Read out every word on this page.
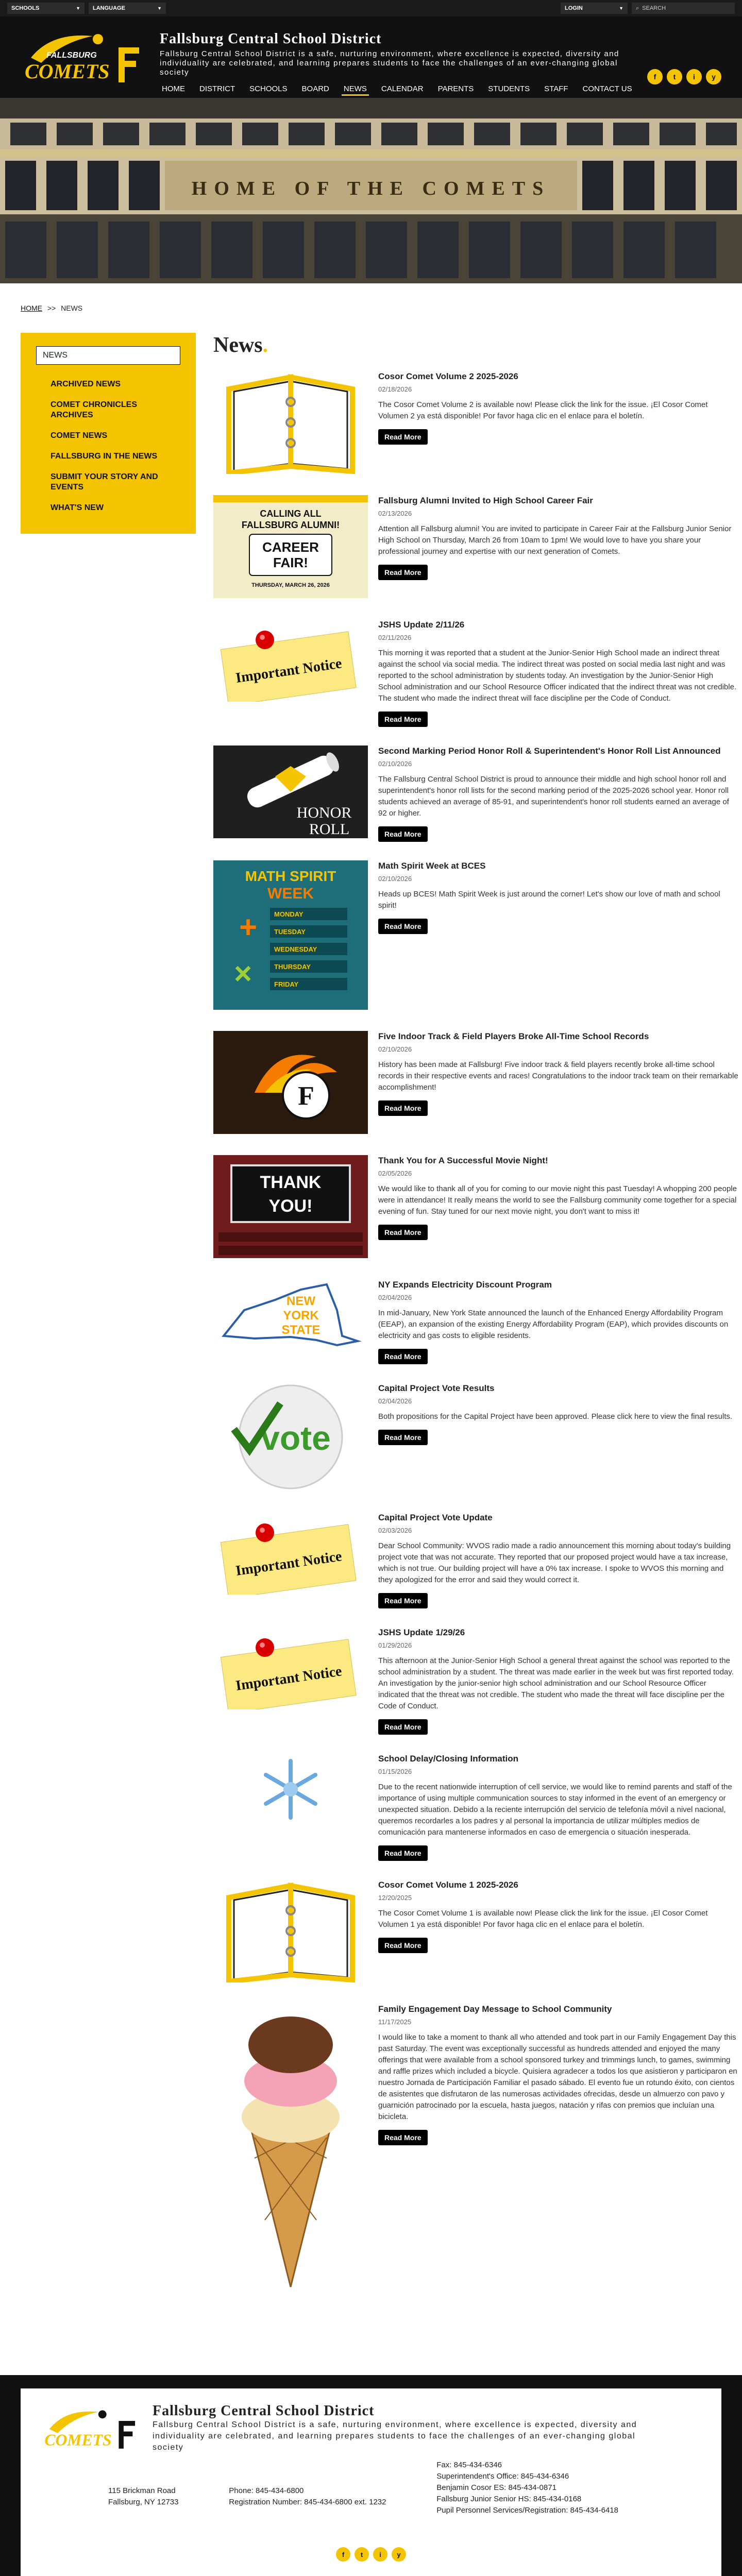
SCHOOLS	▼ LANGUAGE	▼	LOGIN	▼ ⌕ SEARCH
FALLSBURG
COMETS
Fallsburg Central School District
Fallsburg Central School District is a safe, nurturing environment, where excellence is expected, diversity and individuality are celebrated, and learning prepares students to face the challenges of an ever-changing global society
HOME DISTRICT SCHOOLS BOARD NEWS CALENDAR PARENTS STUDENTS STAFF CONTACT US
f	t	i	y
HOME OF THE COMETS
HOME >> NEWS
NEWS
ARCHIVED NEWS
COMET CHRONICLES ARCHIVES
COMET NEWS
FALLSBURG IN THE NEWS
SUBMIT YOUR STORY AND EVENTS
WHAT'S NEW
News.
Cosor Comet Volume 2 2025-2026
02/18/2026

The Cosor Comet Volume 2 is available now! Please click the link for the issue. ¡El Cosor Comet Volumen 2 ya está disponible! Por favor haga clic en el enlace para el boletín.

Read More
CALLING ALL
FALLSBURG ALUMNI!
CAREER
FAIR!
THURSDAY, MARCH 26, 2026
Fallsburg Alumni Invited to High School Career Fair
02/13/2026

Attention all Fallsburg alumni! You are invited to participate in Career Fair at the Fallsburg Junior Senior High School on Thursday, March 26 from 10am to 1pm! We would love to have you share your professional journey and expertise with our next generation of Comets.

Read More
Important Notice
JSHS Update 2/11/26
02/11/2026

This morning it was reported that a student at the Junior-Senior High School made an indirect threat against the school via social media. The indirect threat was posted on social media last night and was reported to the school administration by students today. An investigation by the Junior-Senior High School administration and our School Resource Officer indicated that the indirect threat was not credible. The student who made the indirect threat will face discipline per the Code of Conduct.

Read More
HONOR
ROLL
Second Marking Period Honor Roll & Superintendent's Honor Roll List Announced
02/10/2026

The Fallsburg Central School District is proud to announce their middle and high school honor roll and superintendent's honor roll lists for the second marking period of the 2025-2026 school year. Honor roll students achieved an average of 85-91, and superintendent's honor roll students earned an average of 92 or higher.

Read More
MATH SPIRIT
WEEK
MONDAY
TUESDAY
WEDNESDAY
THURSDAY
FRIDAY
+
×
Math Spirit Week at BCES
02/10/2026

Heads up BCES! Math Spirit Week is just around the corner! Let's show our love of math and school spirit!

Read More
F
Five Indoor Track & Field Players Broke All-Time School Records
02/10/2026

History has been made at Fallsburg! Five indoor track & field players recently broke all-time school records in their respective events and races! Congratulations to the indoor track team on their remarkable accomplishment!

Read More
THANK
YOU!
Thank You for A Successful Movie Night!
02/05/2026

We would like to thank all of you for coming to our movie night this past Tuesday! A whopping 200 people were in attendance! It really means the world to see the Fallsburg community come together for a special evening of fun. Stay tuned for our next movie night, you don't want to miss it!

Read More
NEW
YORK
STATE
NY Expands Electricity Discount Program
02/04/2026

In mid-January, New York State announced the launch of the Enhanced Energy Affordability Program (EEAP), an expansion of the existing Energy Affordability Program (EAP), which provides discounts on electricity and gas costs to eligible residents.

Read More
vote
Capital Project Vote Results
02/04/2026

Both propositions for the Capital Project have been approved. Please click here to view the final results.

Read More
Important Notice
Capital Project Vote Update
02/03/2026

Dear School Community: WVOS radio made a radio announcement this morning about today's building project vote that was not accurate. They reported that our proposed project would have a tax increase, which is not true. Our building project will have a 0% tax increase. I spoke to WVOS this morning and they apologized for the error and said they would correct it.

Read More
Important Notice
JSHS Update 1/29/26
01/29/2026

This afternoon at the Junior-Senior High School a general threat against the school was reported to the school administration by a student. The threat was made earlier in the week but was first reported today. An investigation by the junior-senior high school administration and our School Resource Officer indicated that the threat was not credible. The student who made the threat will face discipline per the Code of Conduct.

Read More
School Delay/Closing Information
01/15/2026

Due to the recent nationwide interruption of cell service, we would like to remind parents and staff of the importance of using multiple communication sources to stay informed in the event of an emergency or unexpected situation. Debido a la reciente interrupción del servicio de telefonía móvil a nivel nacional, queremos recordarles a los padres y al personal la importancia de utilizar múltiples medios de comunicación para mantenerse informados en caso de emergencia o situación inesperada.

Read More
Cosor Comet Volume 1 2025-2026
12/20/2025

The Cosor Comet Volume 1 is available now! Please click the link for the issue. ¡El Cosor Comet Volumen 1 ya está disponible! Por favor haga clic en el enlace para el boletín.

Read More
Family Engagement Day Message to School Community
11/17/2025

I would like to take a moment to thank all who attended and took part in our Family Engagement Day this past Saturday. The event was exceptionally successful as hundreds attended and enjoyed the many offerings that were available from a school sponsored turkey and trimmings lunch, to games, swimming and raffle prizes which included a bicycle. Quisiera agradecer a todos los que asistieron y participaron en nuestro Jornada de Participación Familiar el pasado sábado. El evento fue un rotundo éxito, con cientos de asistentes que disfrutaron de las numerosas actividades ofrecidas, desde un almuerzo con pavo y guarnición patrocinado por la escuela, hasta juegos, natación y rifas con premios que incluían una bicicleta.

Read More
COMETS
Fallsburg Central School District
Fallsburg Central School District is a safe, nurturing environment, where excellence is expected, diversity and individuality are celebrated, and learning prepares students to face the challenges of an ever-changing global society
115 Brickman Road
Fallsburg, NY 12733
Phone: 845-434-6800
Registration Number: 845-434-6800 ext. 1232
Fax: 845-434-6346
Superintendent's Office: 845-434-6346
Benjamin Cosor ES: 845-434-0871
Fallsburg Junior Senior HS: 845-434-0168
Pupil Personnel Services/Registration: 845-434-6418
f	t	i	y
